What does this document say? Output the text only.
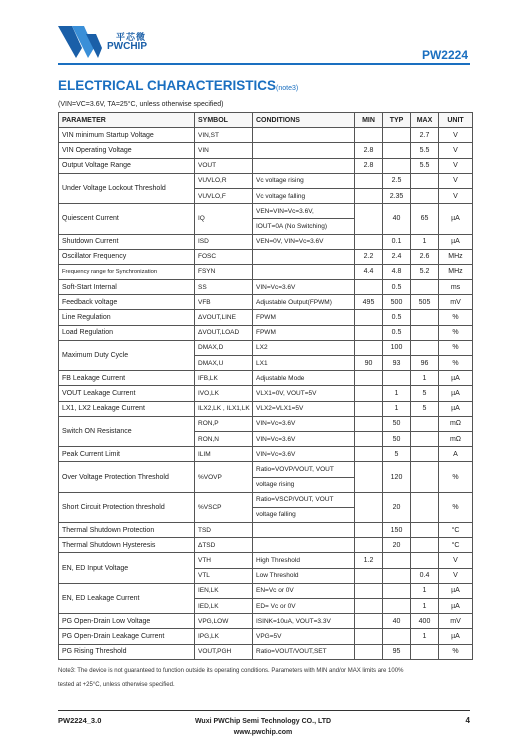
平芯微
PWCHIP
PW2224
ELECTRICAL CHARACTERISTICS(note3)
(VIN=VC=3.6V, TA=25°C, unless otherwise specified)
PARAMETER	SYMBOL	CONDITIONS	MIN	TYP	MAX	UNIT
VIN minimum Startup Voltage	VIN,ST				2.7	V
VIN Operating Voltage	VIN		2.8		5.5	V
Output Voltage Range	VOUT		2.8		5.5	V
Under Voltage Lockout Threshold	VUVLO,R	Vc voltage rising		2.5		V
	VUVLO,F	Vc voltage falling		2.35		V
Quiescent Current	IQ	VEN=VIN=Vc=3.6V,		40	65	µA
		IOUT=0A (No Switching)				
Shutdown Current	ISD	VEN=0V, VIN=Vc=3.6V		0.1	1	µA
Oscillator Frequency	FOSC		2.2	2.4	2.6	MHz
Frequency range for Synchronization	FSYN		4.4	4.8	5.2	MHz
Soft-Start Internal	SS	VIN=Vc=3.6V		0.5		ms
Feedback voltage	VFB	Adjustable Output(FPWM)	495	500	505	mV
Line Regulation	ΔVOUT,LINE	FPWM		0.5		%
Load Regulation	ΔVOUT,LOAD	FPWM		0.5		%
Maximum Duty Cycle	DMAX,D	LX2		100		%
	DMAX,U	LX1	90	93	96	%
FB Leakage Current	IFB,LK	Adjustable Mode			1	µA
VOUT Leakage Current	IVO,LK	VLX1=0V, VOUT=5V		1	5	µA
LX1, LX2 Leakage Current	ILX2,LK , ILX1,LK	VLX2=VLX1=5V		1	5	µA
Switch ON Resistance	RON,P	VIN=Vc=3.6V		50		mΩ
	RON,N	VIN=Vc=3.6V		50		mΩ
Peak Current Limit	ILIM	VIN=Vc=3.6V		5		A
Over Voltage Protection Threshold	%VOVP	Ratio=VOVP/VOUT, VOUT		120		%
		voltage rising				
Short Circuit Protection threshold	%VSCP	Ratio=VSCP/VOUT, VOUT		20		%
		voltage falling				
Thermal Shutdown Protection	TSD			150		°C
Thermal Shutdown Hysteresis	ΔTSD			20		°C
EN, ED Input Voltage	VTH	High Threshold	1.2			V
	VTL	Low Threshold			0.4	V
EN, ED Leakage Current	IEN,LK	EN=Vc or 0V			1	µA
	IED,LK	ED= Vc or 0V			1	µA
PG Open-Drain Low Voltage	VPG,LOW	ISINK=10uA, VOUT=3.3V		40	400	mV
PG Open-Drain Leakage Current	IPG,LK	VPG=5V			1	µA
PG Rising Threshold	VOUT,PGH	Ratio=VOUT/VOUT,SET		95		%
Note3: The device is not guaranteed to function outside its operating conditions. Parameters with MIN and/or MAX limits are 100%
tested at +25°C, unless otherwise specified.
PW2224_3.0	Wuxi PWChip Semi Technology CO., LTD
www.pwchip.com
4
